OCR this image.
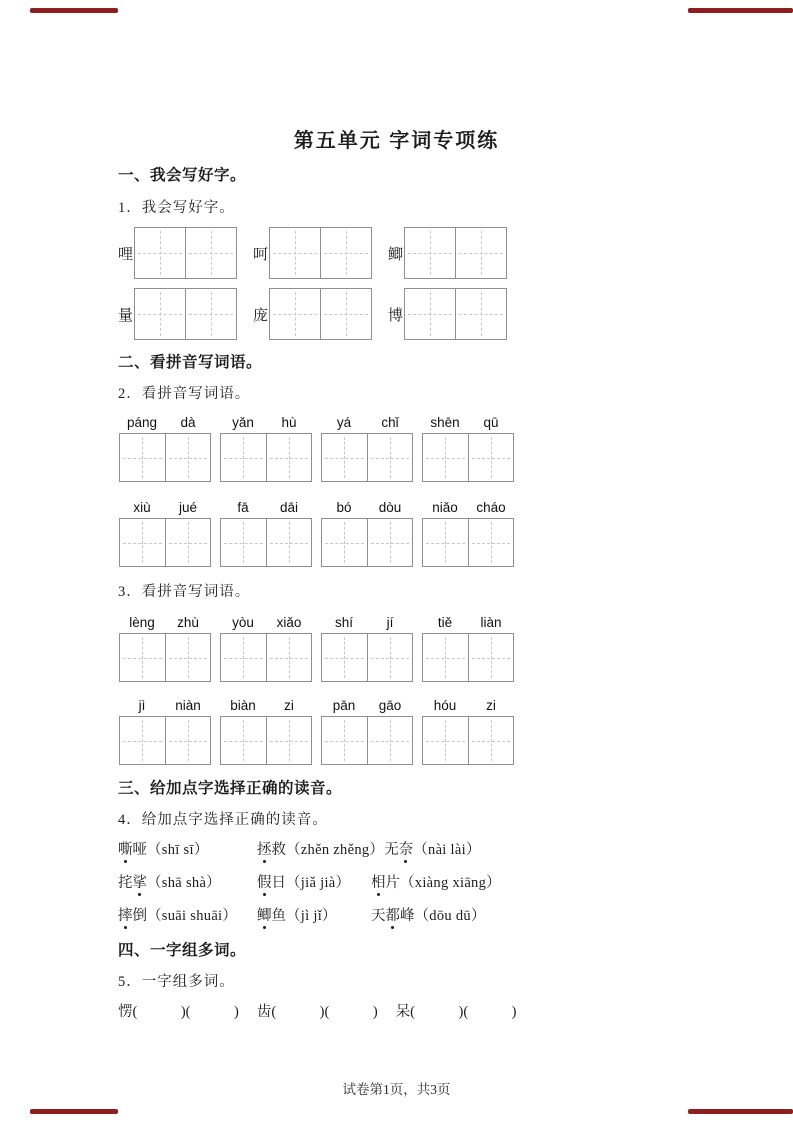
第五单元 字词专项练
一、我会写好字。
1．我会写好字。
哩	呵	鲫
量	庞	博
二、看拼音写词语。
2．看拼音写词语。
páng	dà	yǎn	hù	yá	chǐ	shēn	qū
xiù	jué	fā	dāi	bó	dòu	niǎo	cháo
3．看拼音写词语。
lèng	zhù	yòu	xiǎo	shí	jí	tiě	liàn
jì	niàn	biàn	zi	pān	gāo	hóu	zi
三、给加点字选择正确的读音。
4．给加点字选择正确的读音。
嘶哑（shī sī）	拯救（zhěn zhěng） 无奈（nài lài）
挓挲（shā shà）	假日（jiǎ jià）	相片（xiàng xiāng）
摔倒（suāi shuāi）	鲫鱼（jì jǐ）	天都峰（dōu dū）
四、一字组多词。
5．一字组多词。
愣(　　　)(　　　) 齿(　　　)(　　　) 呆(　　　)(　　　)
试卷第1页，共3页
